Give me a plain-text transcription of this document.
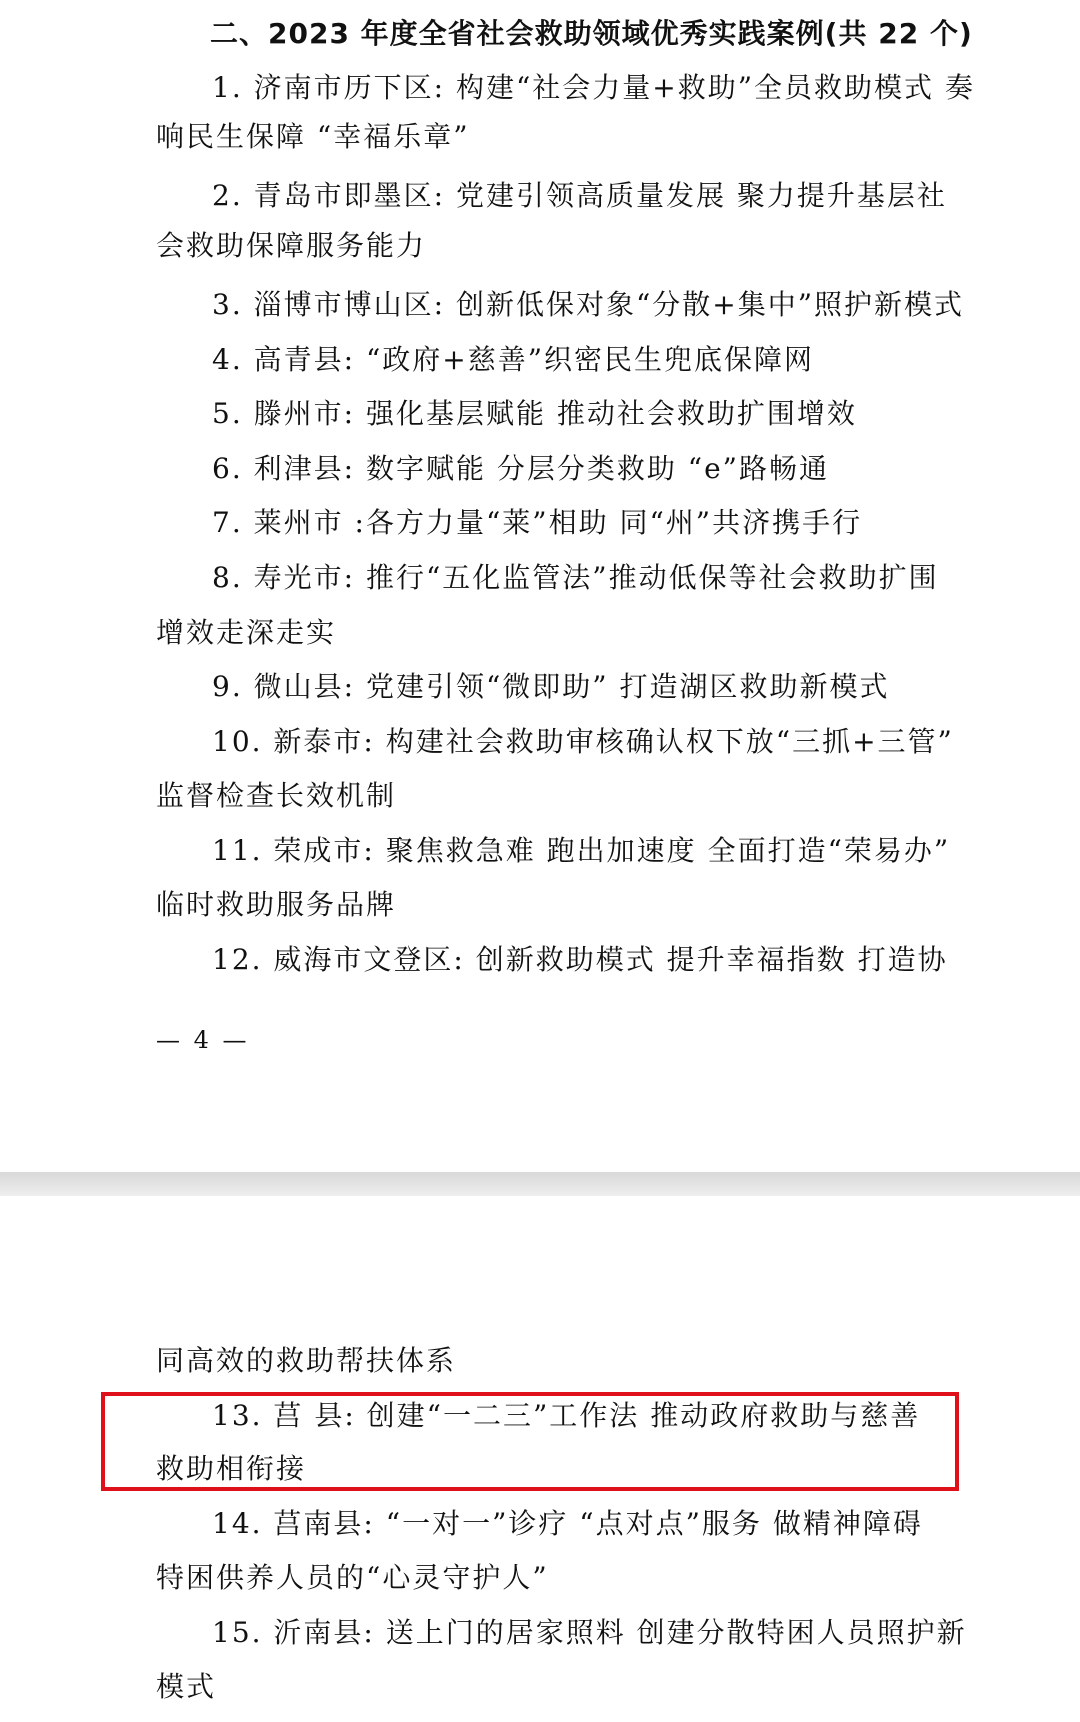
二、2023 年度全省社会救助领域优秀实践案例(共 22 个)
1. 济南市历下区: 构建“社会力量+救助”全员救助模式 奏
响民生保障 “幸福乐章”
2. 青岛市即墨区: 党建引领高质量发展 聚力提升基层社
会救助保障服务能力
3. 淄博市博山区: 创新低保对象“分散+集中”照护新模式
4. 高青县: “政府+慈善”织密民生兜底保障网
5. 滕州市: 强化基层赋能 推动社会救助扩围增效
6. 利津县: 数字赋能 分层分类救助 “e”路畅通
7. 莱州市 :各方力量“莱”相助 同“州”共济携手行
8. 寿光市: 推行“五化监管法”推动低保等社会救助扩围
增效走深走实
9. 微山县: 党建引领“微即助” 打造湖区救助新模式
10. 新泰市: 构建社会救助审核确认权下放“三抓+三管”
监督检查长效机制
11. 荣成市: 聚焦救急难 跑出加速度 全面打造“荣易办”
临时救助服务品牌
12. 威海市文登区: 创新救助模式 提升幸福指数 打造协
— 4 —
同高效的救助帮扶体系
13. 莒 县: 创建“一二三”工作法 推动政府救助与慈善
救助相衔接
14. 莒南县: “一对一”诊疗 “点对点”服务 做精神障碍
特困供养人员的“心灵守护人”
15. 沂南县: 送上门的居家照料 创建分散特困人员照护新
模式
